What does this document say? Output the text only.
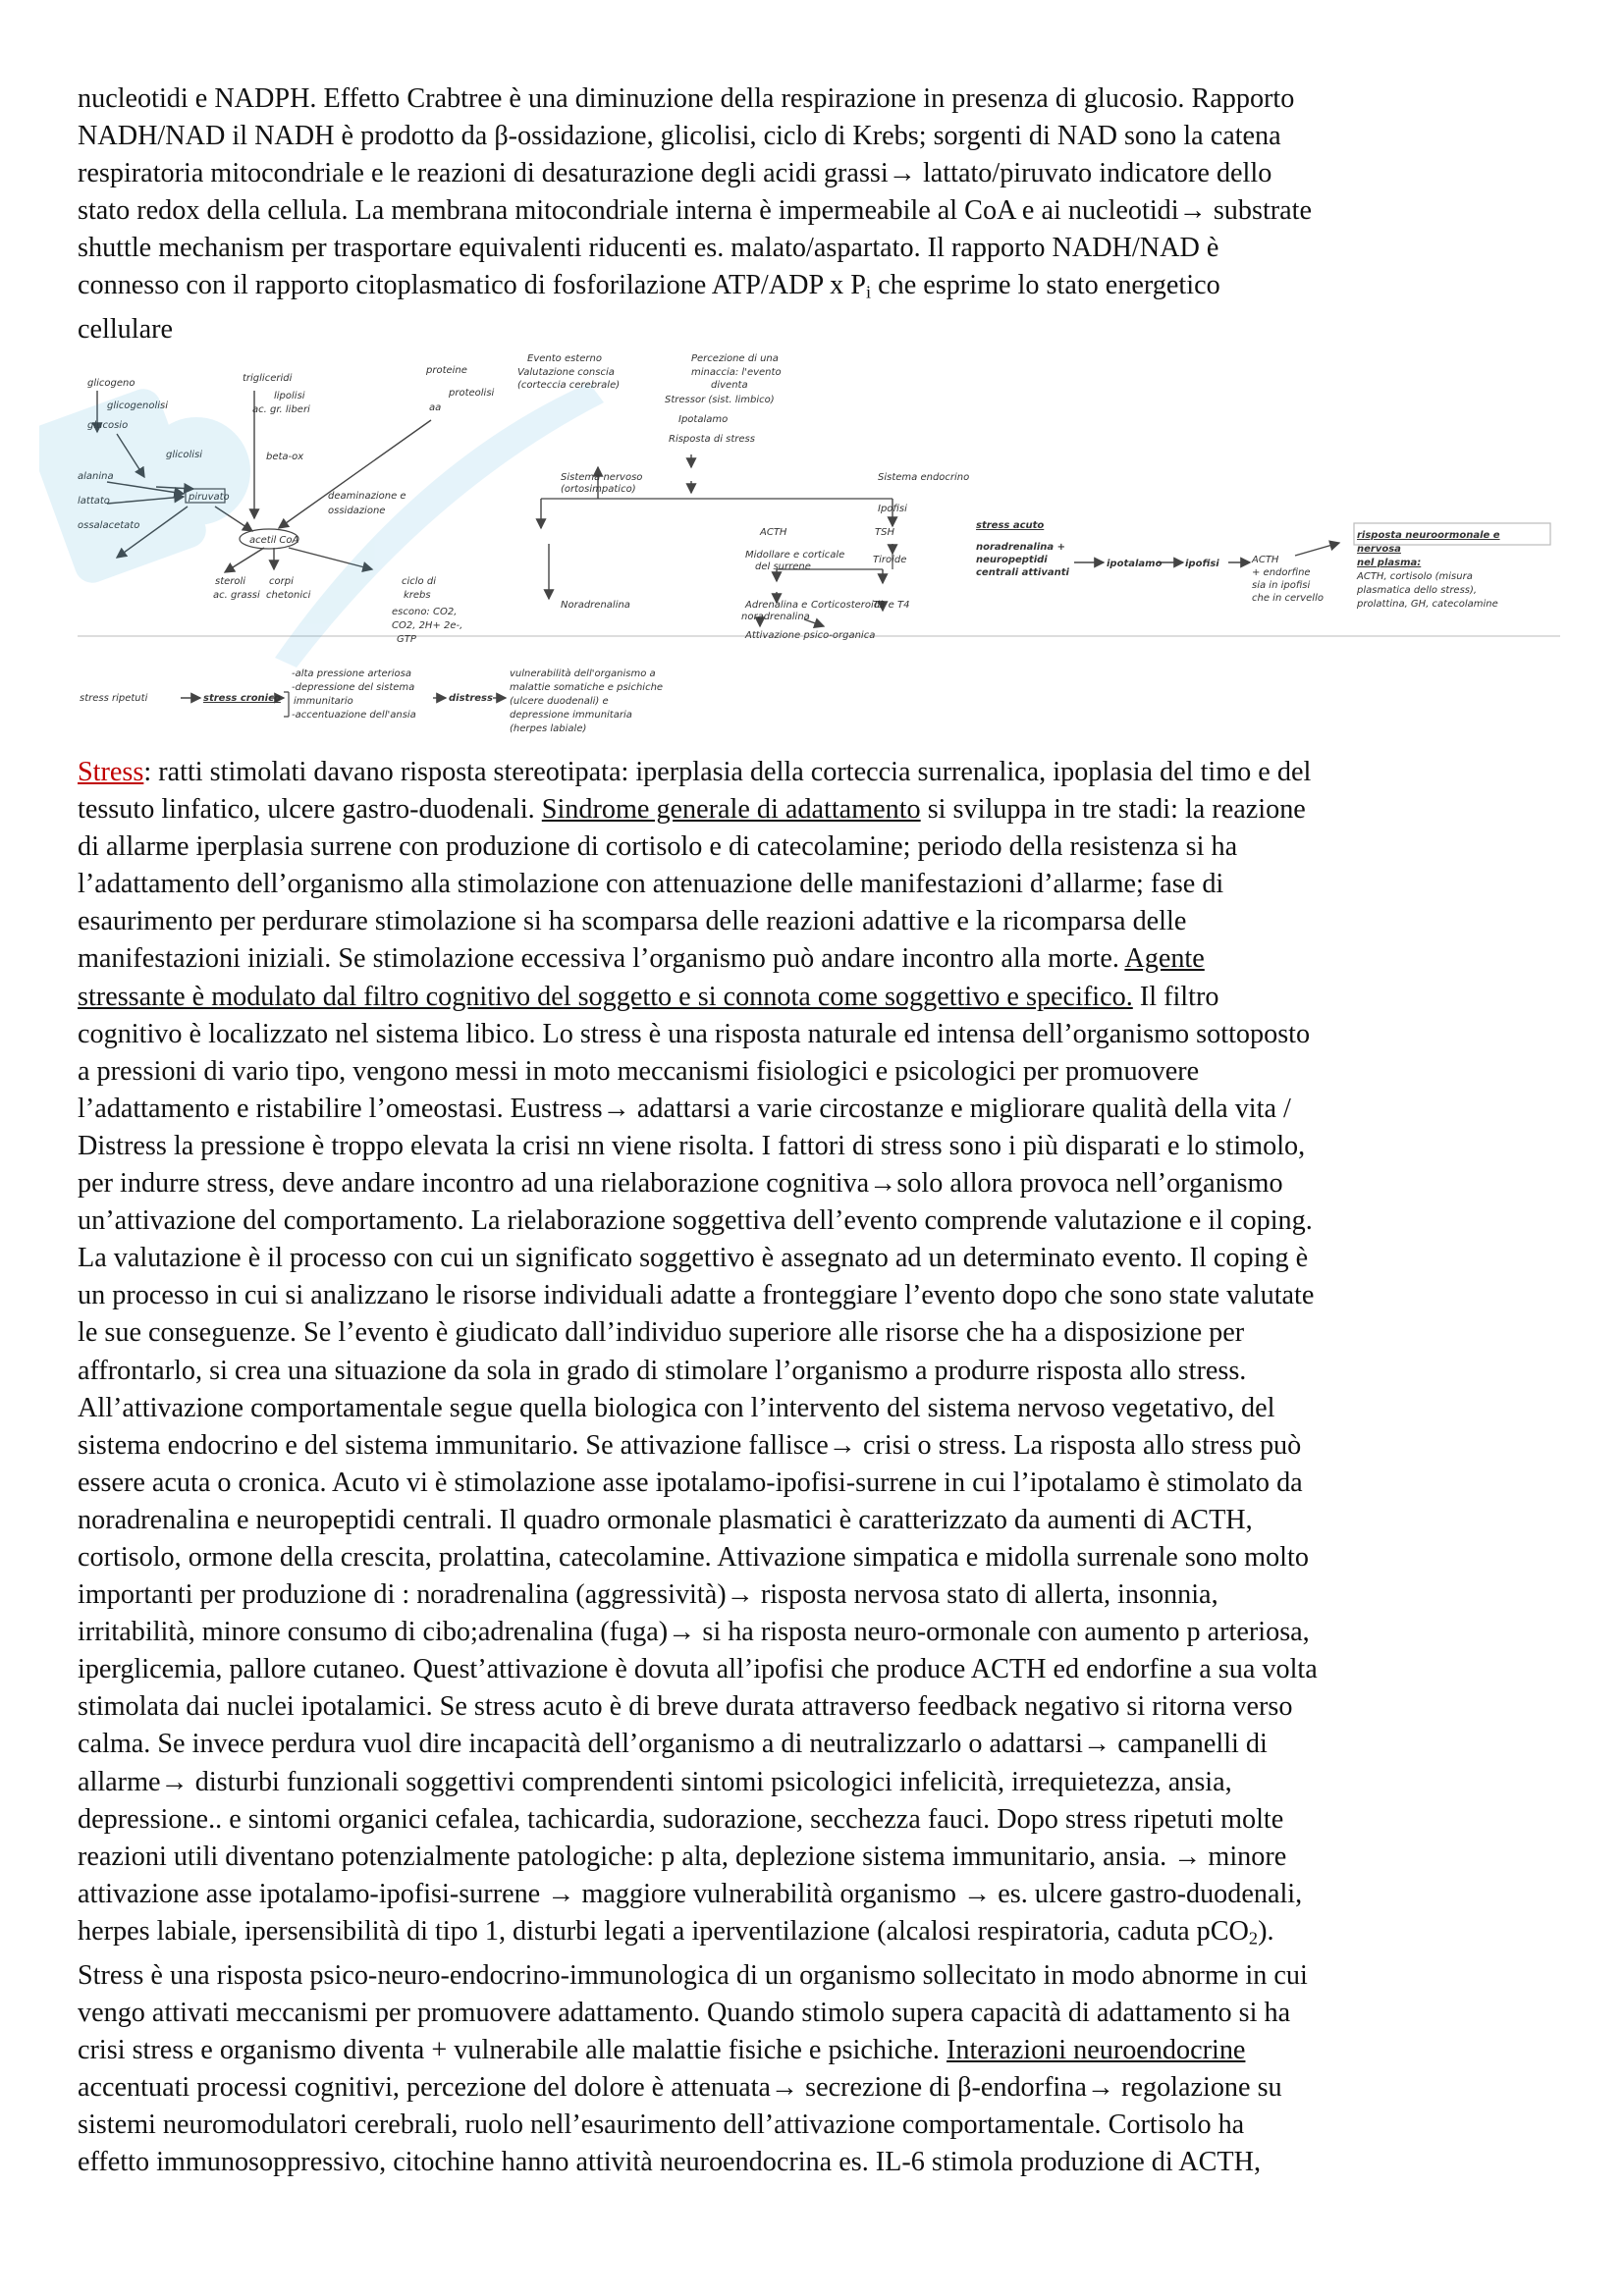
nucleotidi e NADPH. Effetto Crabtree è una diminuzione della respirazione in presenza di glucosio. Rapporto
NADH/NAD il NADH è prodotto da β-ossidazione, glicolisi, ciclo di Krebs; sorgenti di NAD sono la catena
respiratoria mitocondriale e le reazioni di desaturazione degli acidi grassi→ lattato/piruvato indicatore dello
stato redox della cellula. La membrana mitocondriale interna è impermeabile al CoA e ai nucleotidi→ substrate
shuttle mechanism per trasportare equivalenti riducenti es. malato/aspartato. Il rapporto NADH/NAD è
connesso con il rapporto citoplasmatico di fosforilazione ATP/ADP x $P_i$ che esprime lo stato energetico
cellulare
glicogeno
glicogenolisi
glucosio
glicolisi
alanina
lattato
ossalacetato
piruvato
trigliceridi
lipolisi
ac. gr. liberi
beta-ox
proteine
proteolisi
aa
deaminazione e
ossidazione
acetil CoA
steroli
ac. grassi
corpi
chetonici
ciclo di
krebs
escono: CO2,
CO2, 2H+ 2e-,
GTP
Evento esterno
Valutazione conscia
(corteccia cerebrale)
Percezione di una
minaccia: l'evento
diventa
Stressor (sist. limbico)
Ipotalamo
Risposta di stress
Sistema nervoso
(ortosimpatico)
Sistema endocrino
Ipofisi
ACTH	TSH
Midollare e corticale
del surrene
Tiroide
Noradrenalina	Adrenalina e
noradrenalina
Corticosteroidi
T3 e T4
Attivazione psico-organica
stress acuto
noradrenalina +
neuropeptidi
centrali attivanti
ipotalamo ipofisi	ACTH
+ endorfine
sia in ipofisi
che in cervello
risposta neuroormonale e
nervosa
nel plasma:
ACTH, cortisolo (misura
plasmatica dello stress),
prolattina, GH, catecolamine
stress ripetuti	stress cronico
-alta pressione arteriosa
-depressione del sistema
immunitario
-accentuazione dell'ansia
distress
vulnerabilità dell'organismo a
malattie somatiche e psichiche
(ulcere duodenali) e
depressione immunitaria
(herpes labiale)
Stress: ratti stimolati davano risposta stereotipata: iperplasia della corteccia surrenalica, ipoplasia del timo e del
tessuto linfatico, ulcere gastro-duodenali. Sindrome generale di adattamento si sviluppa in tre stadi: la reazione
di allarme iperplasia surrene con produzione di cortisolo e di catecolamine; periodo della resistenza si ha
l’adattamento dell’organismo alla stimolazione con attenuazione delle manifestazioni d’allarme; fase di
esaurimento per perdurare stimolazione si ha scomparsa delle reazioni adattive e la ricomparsa delle
manifestazioni iniziali. Se stimolazione eccessiva l’organismo può andare incontro alla morte. Agente
stressante è modulato dal filtro cognitivo del soggetto e si connota come soggettivo e specifico. Il filtro
cognitivo è localizzato nel sistema libico. Lo stress è una risposta naturale ed intensa dell’organismo sottoposto
a pressioni di vario tipo, vengono messi in moto meccanismi fisiologici e psicologici per promuovere
l’adattamento e ristabilire l’omeostasi. Eustress→ adattarsi a varie circostanze e migliorare qualità della vita /
Distress la pressione è troppo elevata la crisi nn viene risolta. I fattori di stress sono i più disparati e lo stimolo,
per indurre stress, deve andare incontro ad una rielaborazione cognitiva→solo allora provoca nell’organismo
un’attivazione del comportamento. La rielaborazione soggettiva dell’evento comprende valutazione e il coping.
La valutazione è il processo con cui un significato soggettivo è assegnato ad un determinato evento. Il coping è
un processo in cui si analizzano le risorse individuali adatte a fronteggiare l’evento dopo che sono state valutate
le sue conseguenze. Se l’evento è giudicato dall’individuo superiore alle risorse che ha a disposizione per
affrontarlo, si crea una situazione da sola in grado di stimolare l’organismo a produrre risposta allo stress.
All’attivazione comportamentale segue quella biologica con l’intervento del sistema nervoso vegetativo, del
sistema endocrino e del sistema immunitario. Se attivazione fallisce→ crisi o stress. La risposta allo stress può
essere acuta o cronica. Acuto vi è stimolazione asse ipotalamo-ipofisi-surrene in cui l’ipotalamo è stimolato da
noradrenalina e neuropeptidi centrali. Il quadro ormonale plasmatici è caratterizzato da aumenti di ACTH,
cortisolo, ormone della crescita, prolattina, catecolamine. Attivazione simpatica e midolla surrenale sono molto
importanti per produzione di : noradrenalina (aggressività)→ risposta nervosa stato di allerta, insonnia,
irritabilità, minore consumo di cibo;adrenalina (fuga)→ si ha risposta neuro-ormonale con aumento p arteriosa,
iperglicemia, pallore cutaneo. Quest’attivazione è dovuta all’ipofisi che produce ACTH ed endorfine a sua volta
stimolata dai nuclei ipotalamici. Se stress acuto è di breve durata attraverso feedback negativo si ritorna verso
calma. Se invece perdura vuol dire incapacità dell’organismo a di neutralizzarlo o adattarsi→ campanelli di
allarme→ disturbi funzionali soggettivi comprendenti sintomi psicologici infelicità, irrequietezza, ansia,
depressione.. e sintomi organici cefalea, tachicardia, sudorazione, secchezza fauci. Dopo stress ripetuti molte
reazioni utili diventano potenzialmente patologiche: p alta, deplezione sistema immunitario, ansia. → minore
attivazione asse ipotalamo-ipofisi-surrene → maggiore vulnerabilità organismo → es. ulcere gastro-duodenali,
herpes labiale, ipersensibilità di tipo 1, disturbi legati a iperventilazione (alcalosi respiratoria, caduta pCO$_2$).
Stress è una risposta psico-neuro-endocrino-immunologica di un organismo sollecitato in modo abnorme in cui
vengo attivati meccanismi per promuovere adattamento. Quando stimolo supera capacità di adattamento si ha
crisi stress e organismo diventa + vulnerabile alle malattie fisiche e psichiche. Interazioni neuroendocrine
accentuati processi cognitivi, percezione del dolore è attenuata→ secrezione di β-endorfina→ regolazione su
sistemi neuromodulatori cerebrali, ruolo nell’esaurimento dell’attivazione comportamentale. Cortisolo ha
effetto immunosoppressivo, citochine hanno attività neuroendocrina es. IL-6 stimola produzione di ACTH,
